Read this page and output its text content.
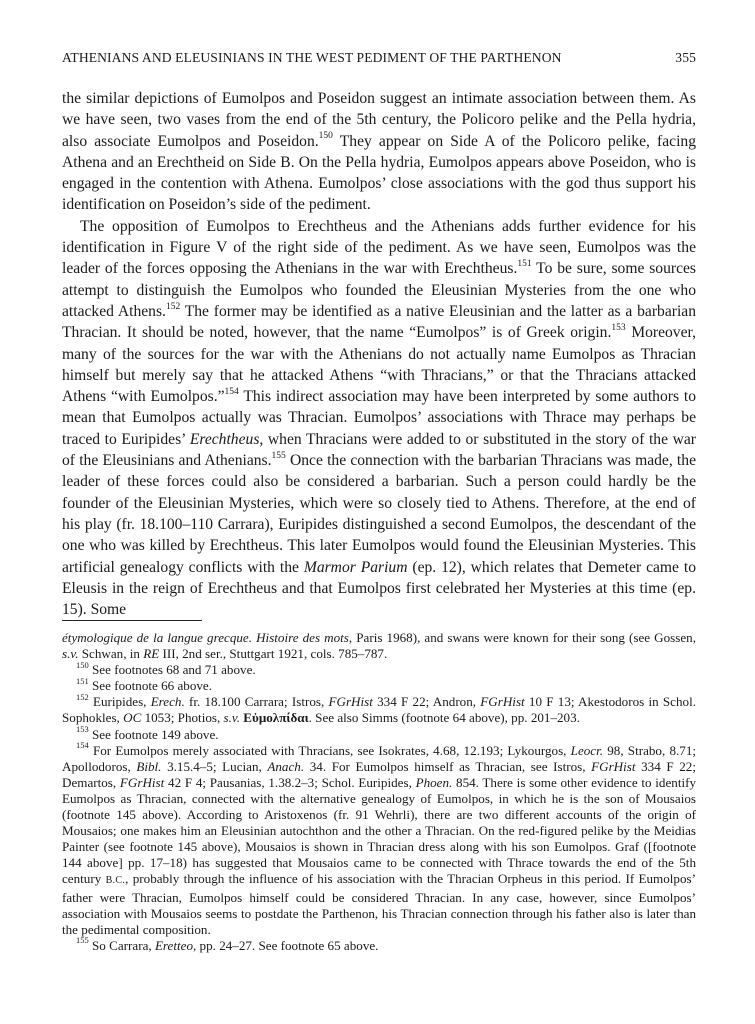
ATHENIANS AND ELEUSINIANS IN THE WEST PEDIMENT OF THE PARTHENON	355

the similar depictions of Eumolpos and Poseidon suggest an intimate association between them. As we have seen, two vases from the end of the 5th century, the Policoro pelike and the Pella hydria, also associate Eumolpos and Poseidon.$^{150}$ They appear on Side A of the Policoro pelike, facing Athena and an Erechtheid on Side B. On the Pella hydria, Eumolpos appears above Poseidon, who is engaged in the contention with Athena. Eumolpos’ close associations with the god thus support his identification on Poseidon’s side of the pediment.

The opposition of Eumolpos to Erechtheus and the Athenians adds further evidence for his identification in Figure V of the right side of the pediment. As we have seen, Eumolpos was the leader of the forces opposing the Athenians in the war with Erechtheus.$^{151}$ To be sure, some sources attempt to distinguish the Eumolpos who founded the Eleusinian Mysteries from the one who attacked Athens.$^{152}$ The former may be identified as a native Eleusinian and the latter as a barbarian Thracian. It should be noted, however, that the name “Eumolpos” is of Greek origin.$^{153}$ Moreover, many of the sources for the war with the Athenians do not actually name Eumolpos as Thracian himself but merely say that he attacked Athens “with Thracians,” or that the Thracians attacked Athens “with Eumolpos.”$^{154}$ This indirect association may have been interpreted by some authors to mean that Eumolpos actually was Thracian. Eumolpos’ associations with Thrace may perhaps be traced to Euripides’ Erechtheus, when Thracians were added to or substituted in the story of the war of the Eleusinians and Athenians.$^{155}$ Once the connection with the barbarian Thracians was made, the leader of these forces could also be considered a barbarian. Such a person could hardly be the founder of the Eleusinian Mysteries, which were so closely tied to Athens. Therefore, at the end of his play (fr. 18.100–110 Carrara), Euripides distinguished a second Eumolpos, the descendant of the one who was killed by Erechtheus. This later Eumolpos would found the Eleusinian Mysteries. This artificial genealogy conflicts with the Marmor Parium (ep. 12), which relates that Demeter came to Eleusis in the reign of Erechtheus and that Eumolpos first celebrated her Mysteries at this time (ep. 15). Some

étymologique de la langue grecque. Histoire des mots, Paris 1968), and swans were known for their song (see Gossen, s.v. Schwan, in RE III, 2nd ser., Stuttgart 1921, cols. 785–787.

$^{150}$ See footnotes 68 and 71 above.

$^{151}$ See footnote 66 above.

$^{152}$ Euripides, Erech. fr. 18.100 Carrara; Istros, FGrHist 334 F 22; Andron, FGrHist 10 F 13; Akestodoros in Schol. Sophokles, OC 1053; Photios, s.v. Εὐμολπίδαι. See also Simms (footnote 64 above), pp. 201–203.

$^{153}$ See footnote 149 above.

$^{154}$ For Eumolpos merely associated with Thracians, see Isokrates, 4.68, 12.193; Lykourgos, Leocr. 98, Strabo, 8.71; Apollodoros, Bibl. 3.15.4–5; Lucian, Anach. 34. For Eumolpos himself as Thracian, see Istros, FGrHist 334 F 22; Demartos, FGrHist 42 F 4; Pausanias, 1.38.2–3; Schol. Euripides, Phoen. 854. There is some other evidence to identify Eumolpos as Thracian, connected with the alternative genealogy of Eumolpos, in which he is the son of Mousaios (footnote 145 above). According to Aristoxenos (fr. 91 Wehrli), there are two different accounts of the origin of Mousaios; one makes him an Eleusinian autochthon and the other a Thracian. On the red-figured pelike by the Meidias Painter (see footnote 145 above), Mousaios is shown in Thracian dress along with his son Eumolpos. Graf ([footnote 144 above] pp. 17–18) has suggested that Mousaios came to be connected with Thrace towards the end of the 5th century B.C., probably through the influence of his association with the Thracian Orpheus in this period. If Eumolpos’ father were Thracian, Eumolpos himself could be considered Thracian. In any case, however, since Eumolpos’ association with Mousaios seems to postdate the Parthenon, his Thracian connection through his father also is later than the pedimental composition.

$^{155}$ So Carrara, Eretteo, pp. 24–27. See footnote 65 above.
